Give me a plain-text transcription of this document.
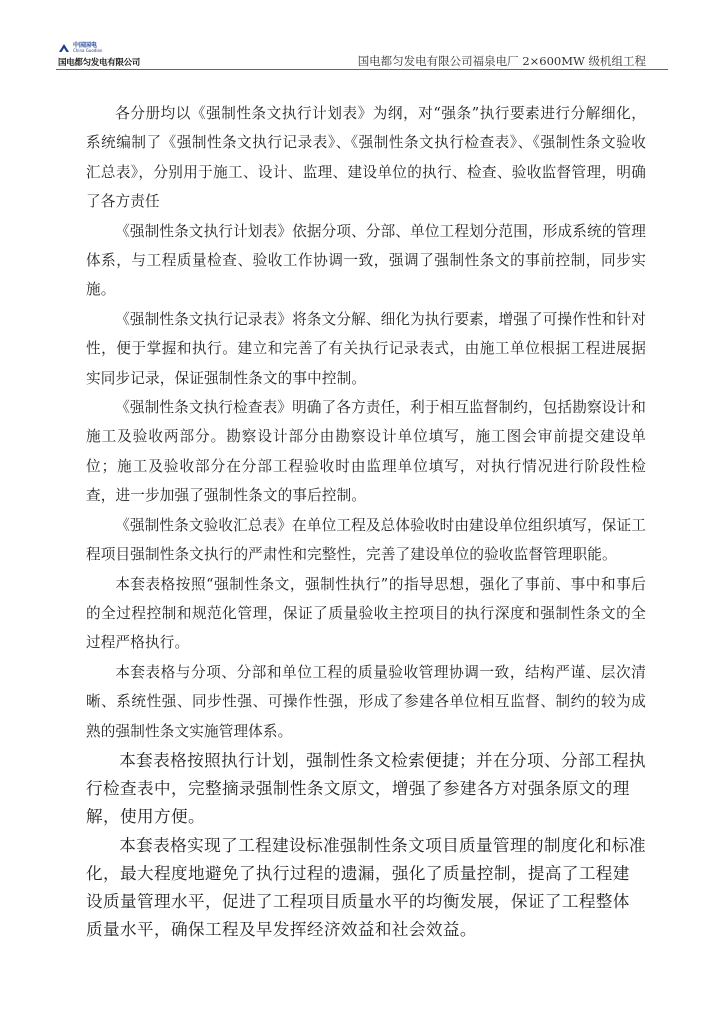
中国国电
China Guodian
国电都匀发电有限公司	国电都匀发电有限公司福泉电厂 2×600MW 级机组工程

各分册均以《强制性条文执行计划表》为纲，对“强条”执行要素进行分解细化，系统编制了《强制性条文执行记录表》、《强制性条文执行检查表》、《强制性条文验收汇总表》，分别用于施工、设计、监理、建设单位的执行、检查、验收监督管理，明确了各方责任

《强制性条文执行计划表》依据分项、分部、单位工程划分范围，形成系统的管理体系，与工程质量检查、验收工作协调一致，强调了强制性条文的事前控制，同步实施。

《强制性条文执行记录表》将条文分解、细化为执行要素，增强了可操作性和针对性，便于掌握和执行。建立和完善了有关执行记录表式，由施工单位根据工程进展据实同步记录，保证强制性条文的事中控制。

《强制性条文执行检查表》明确了各方责任，利于相互监督制约，包括勘察设计和施工及验收两部分。勘察设计部分由勘察设计单位填写，施工图会审前提交建设单位；施工及验收部分在分部工程验收时由监理单位填写，对执行情况进行阶段性检查，进一步加强了强制性条文的事后控制。

《强制性条文验收汇总表》在单位工程及总体验收时由建设单位组织填写，保证工程项目强制性条文执行的严肃性和完整性，完善了建设单位的验收监督管理职能。

本套表格按照“强制性条文，强制性执行”的指导思想，强化了事前、事中和事后的全过程控制和规范化管理，保证了质量验收主控项目的执行深度和强制性条文的全过程严格执行。

本套表格与分项、分部和单位工程的质量验收管理协调一致，结构严谨、层次清晰、系统性强、同步性强、可操作性强，形成了参建各单位相互监督、制约的较为成熟的强制性条文实施管理体系。

本套表格按照执行计划，强制性条文检索便捷；并在分项、分部工程执行检查表中，完整摘录强制性条文原文，增强了参建各方对强条原文的理解，使用方便。

本套表格实现了工程建设标准强制性条文项目质量管理的制度化和标准化，最大程度地避免了执行过程的遗漏，强化了质量控制，提高了工程建设质量管理水平，促进了工程项目质量水平的均衡发展，保证了工程整体质量水平，确保工程及早发挥经济效益和社会效益。
